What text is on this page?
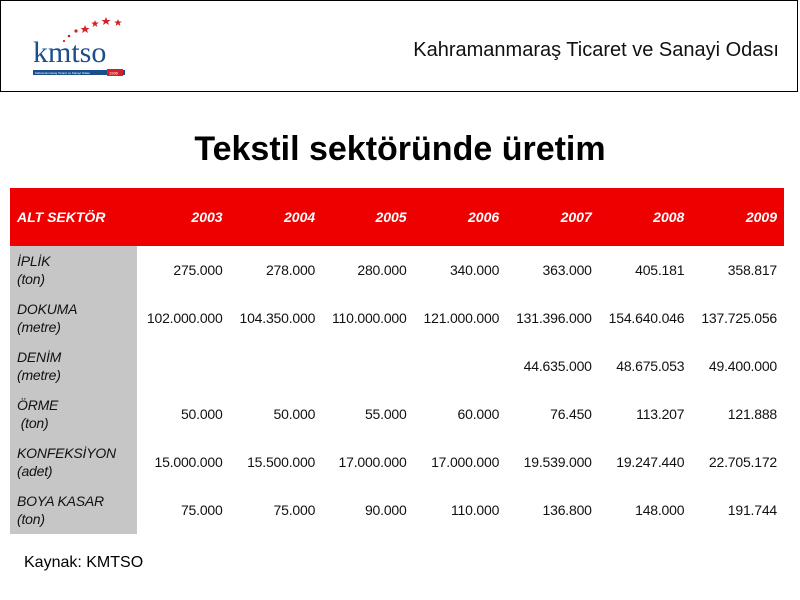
kmtso
Kahramanmaraş Ticaret ve Sanayi Odası	1996
Kahramanmaraş Ticaret ve Sanayi Odası
Tekstil sektöründe üretim
ALT SEKTÖR	2003	2004	2005	2006	2007	2008	2009
İPLİK
(ton)	275.000	278.000	280.000	340.000	363.000	405.181	358.817
DOKUMA
(metre)	102.000.000	104.350.000	110.000.000	121.000.000	131.396.000	154.640.046	137.725.056
DENİM
(metre)					44.635.000	48.675.053	49.400.000
ÖRME
(ton)	50.000	50.000	55.000	60.000	76.450	113.207	121.888
KONFEKSİYON
(adet)	15.000.000	15.500.000	17.000.000	17.000.000	19.539.000	19.247.440	22.705.172
BOYA KASAR
(ton)	75.000	75.000	90.000	110.000	136.800	148.000	191.744
Kaynak: KMTSO
